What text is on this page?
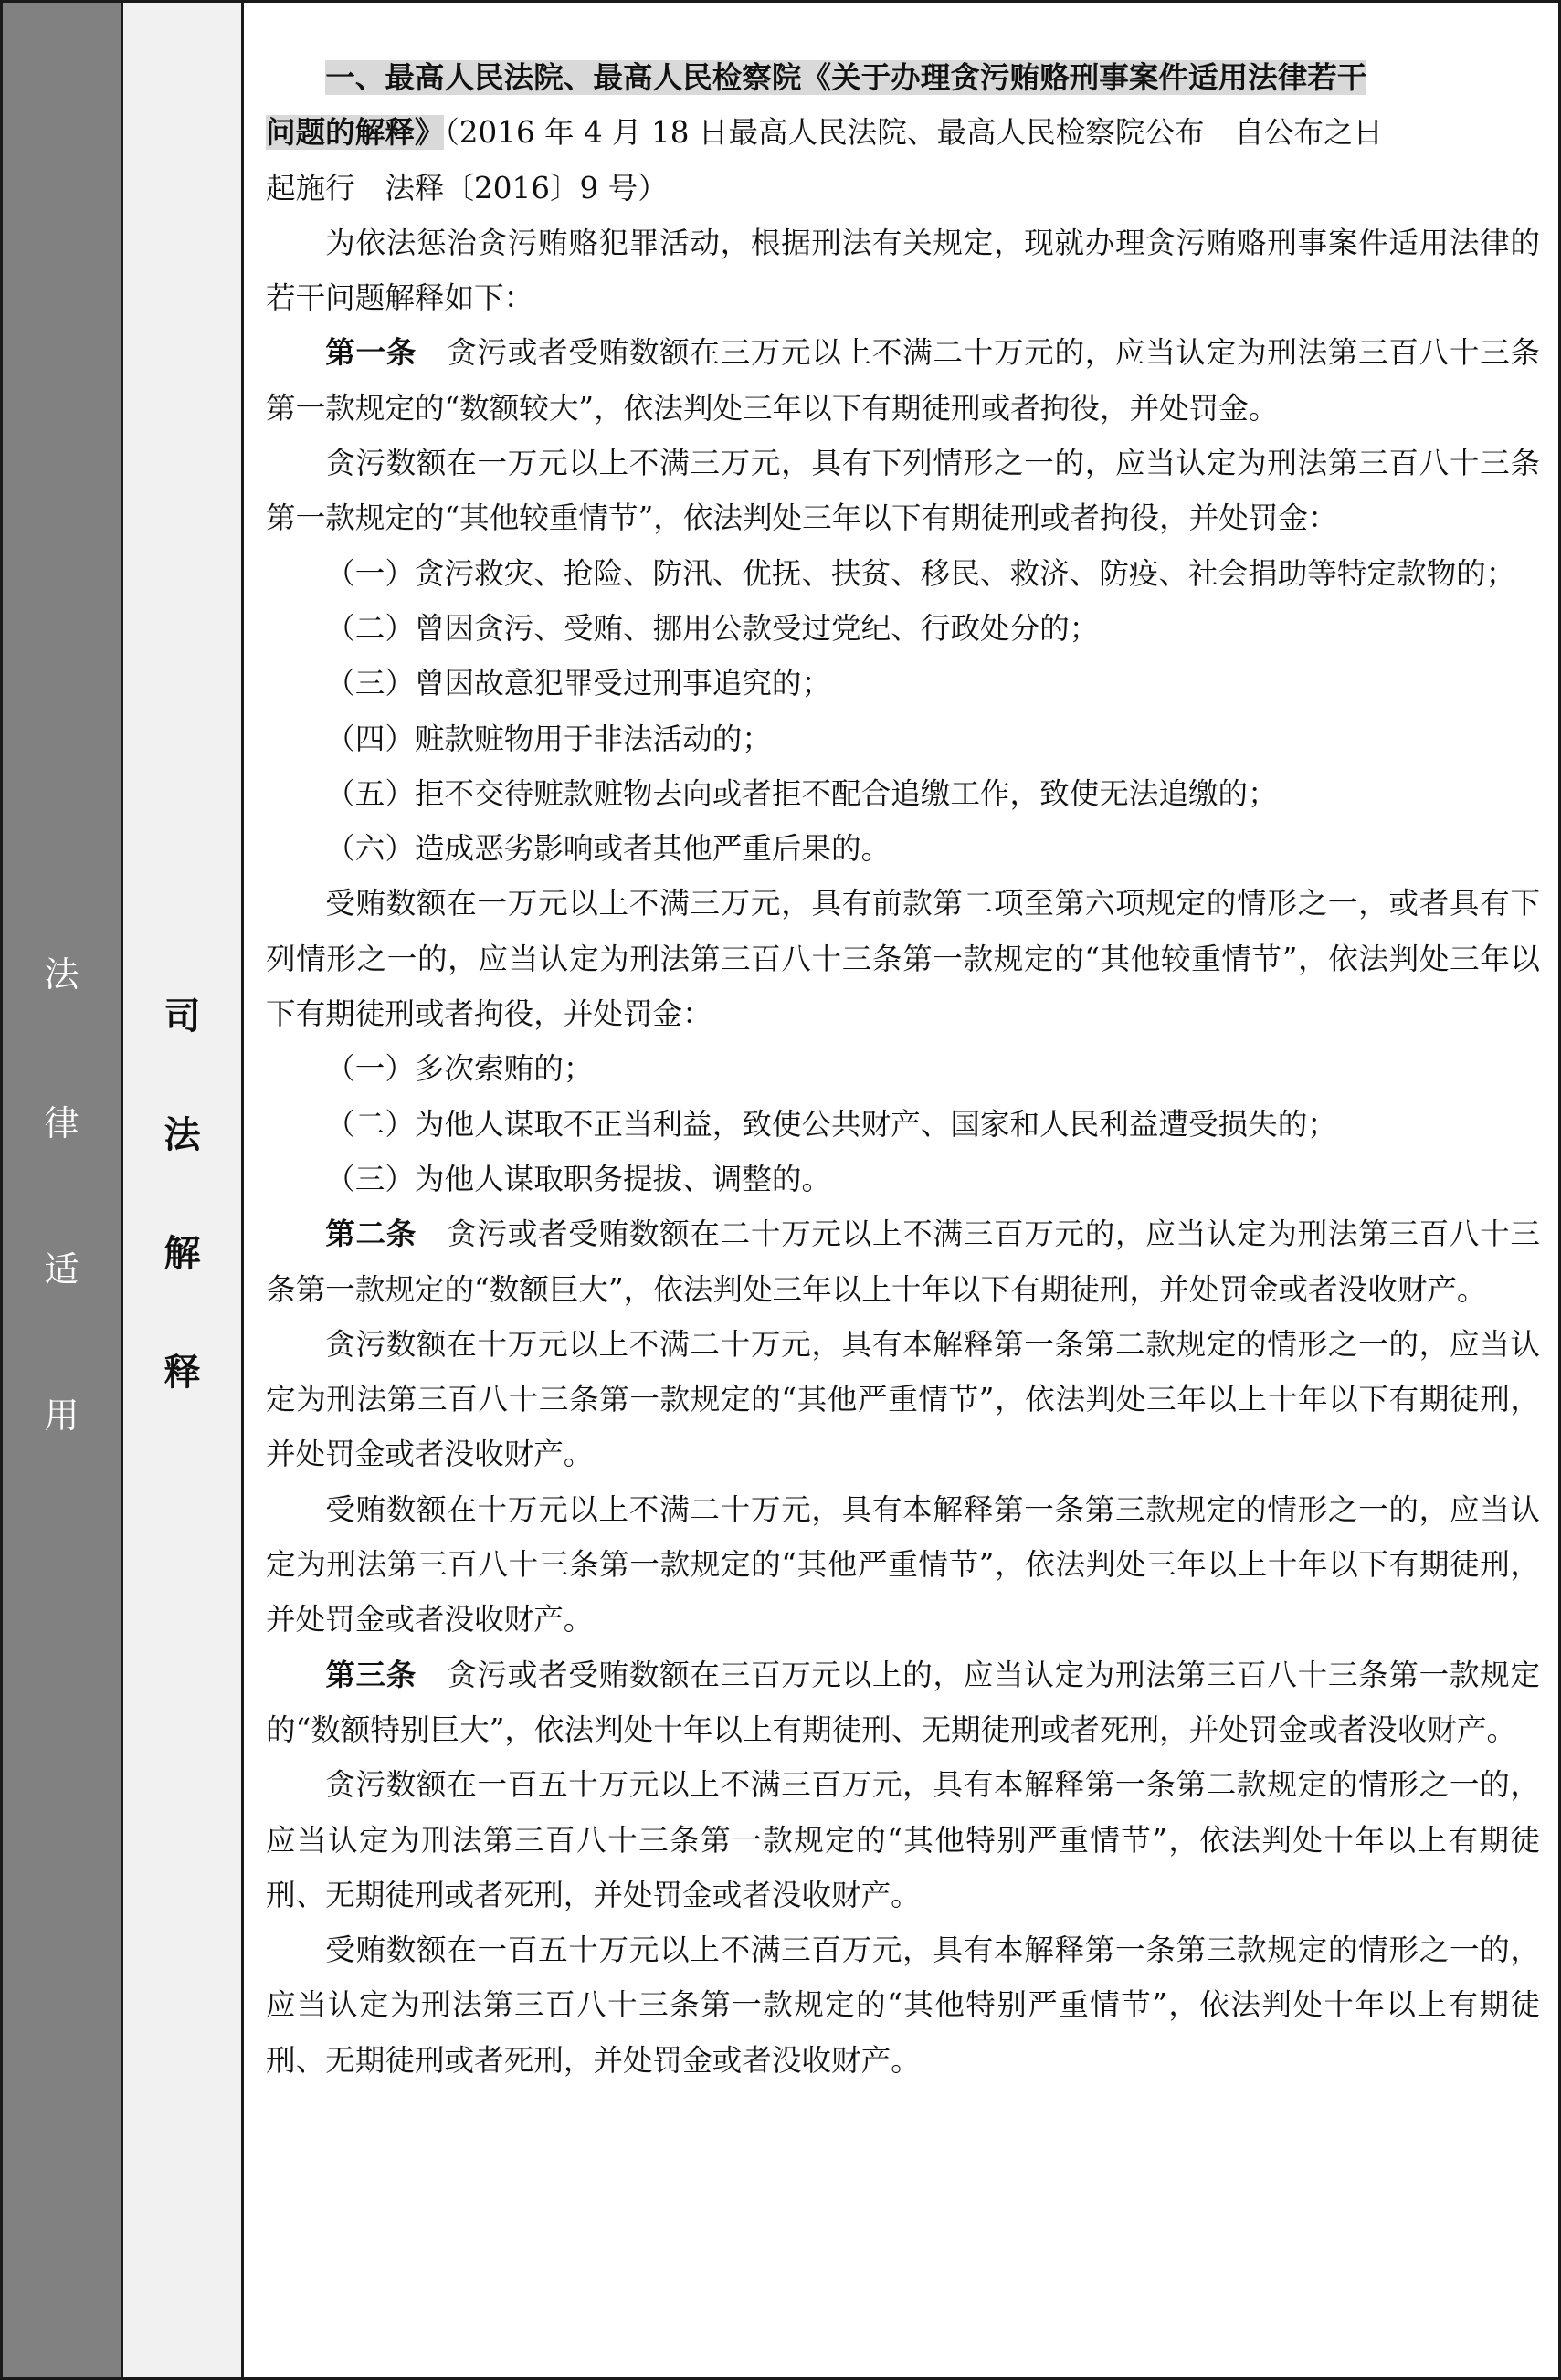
法
律
适
用
司
法
解
释

一、最高人民法院、最高人民检察院《关于办理贪污贿赂刑事案件适用法律若干

问题的解释》（2016 年 4 月 18 日最高人民法院、最高人民检察院公布　自公布之日

起施行　法释〔2016〕9 号）

为依法惩治贪污贿赂犯罪活动，根据刑法有关规定，现就办理贪污贿赂刑事案件适用法律的若干问题解释如下：

第一条　贪污或者受贿数额在三万元以上不满二十万元的，应当认定为刑法第三百八十三条第一款规定的“数额较大”，依法判处三年以下有期徒刑或者拘役，并处罚金。

贪污数额在一万元以上不满三万元，具有下列情形之一的，应当认定为刑法第三百八十三条第一款规定的“其他较重情节”，依法判处三年以下有期徒刑或者拘役，并处罚金：

（一）贪污救灾、抢险、防汛、优抚、扶贫、移民、救济、防疫、社会捐助等特定款物的；

（二）曾因贪污、受贿、挪用公款受过党纪、行政处分的；

（三）曾因故意犯罪受过刑事追究的；

（四）赃款赃物用于非法活动的；

（五）拒不交待赃款赃物去向或者拒不配合追缴工作，致使无法追缴的；

（六）造成恶劣影响或者其他严重后果的。

受贿数额在一万元以上不满三万元，具有前款第二项至第六项规定的情形之一，或者具有下列情形之一的，应当认定为刑法第三百八十三条第一款规定的“其他较重情节”，依法判处三年以下有期徒刑或者拘役，并处罚金：

（一）多次索贿的；

（二）为他人谋取不正当利益，致使公共财产、国家和人民利益遭受损失的；

（三）为他人谋取职务提拔、调整的。

第二条　贪污或者受贿数额在二十万元以上不满三百万元的，应当认定为刑法第三百八十三条第一款规定的“数额巨大”，依法判处三年以上十年以下有期徒刑，并处罚金或者没收财产。

贪污数额在十万元以上不满二十万元，具有本解释第一条第二款规定的情形之一的，应当认定为刑法第三百八十三条第一款规定的“其他严重情节”，依法判处三年以上十年以下有期徒刑，并处罚金或者没收财产。

受贿数额在十万元以上不满二十万元，具有本解释第一条第三款规定的情形之一的，应当认定为刑法第三百八十三条第一款规定的“其他严重情节”，依法判处三年以上十年以下有期徒刑，并处罚金或者没收财产。

第三条　贪污或者受贿数额在三百万元以上的，应当认定为刑法第三百八十三条第一款规定的“数额特别巨大”，依法判处十年以上有期徒刑、无期徒刑或者死刑，并处罚金或者没收财产。

贪污数额在一百五十万元以上不满三百万元，具有本解释第一条第二款规定的情形之一的，应当认定为刑法第三百八十三条第一款规定的“其他特别严重情节”，依法判处十年以上有期徒刑、无期徒刑或者死刑，并处罚金或者没收财产。

受贿数额在一百五十万元以上不满三百万元，具有本解释第一条第三款规定的情形之一的，应当认定为刑法第三百八十三条第一款规定的“其他特别严重情节”，依法判处十年以上有期徒刑、无期徒刑或者死刑，并处罚金或者没收财产。
